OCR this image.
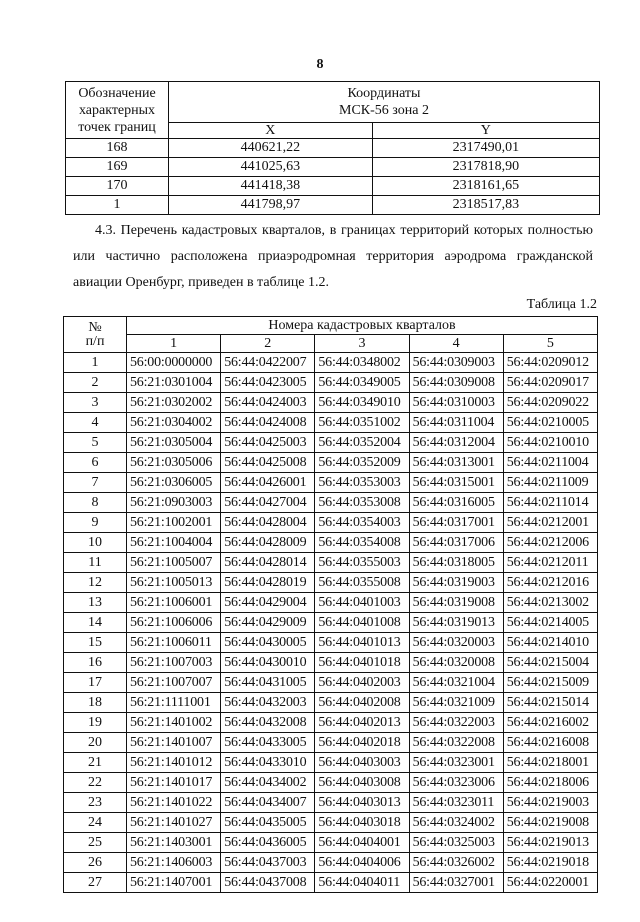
8
Обозначение
характерных
точек границ	Координаты
МСК-56 зона 2	
	X	Y
168	440621,22	2317490,01
169	441025,63	2317818,90
170	441418,38	2318161,65
1	441798,97	2318517,83
4.3. Перечень кадастровых кварталов, в границах территорий которых полностью или частично расположена приаэродромная территория аэродрома гражданской авиации Оренбург, приведен в таблице 1.2.
Таблица 1.2
№
п/п	Номера кадастровых кварталов				
	1	2	3	4	5
1	56:00:0000000	56:44:0422007	56:44:0348002	56:44:0309003	56:44:0209012
2	56:21:0301004	56:44:0423005	56:44:0349005	56:44:0309008	56:44:0209017
3	56:21:0302002	56:44:0424003	56:44:0349010	56:44:0310003	56:44:0209022
4	56:21:0304002	56:44:0424008	56:44:0351002	56:44:0311004	56:44:0210005
5	56:21:0305004	56:44:0425003	56:44:0352004	56:44:0312004	56:44:0210010
6	56:21:0305006	56:44:0425008	56:44:0352009	56:44:0313001	56:44:0211004
7	56:21:0306005	56:44:0426001	56:44:0353003	56:44:0315001	56:44:0211009
8	56:21:0903003	56:44:0427004	56:44:0353008	56:44:0316005	56:44:0211014
9	56:21:1002001	56:44:0428004	56:44:0354003	56:44:0317001	56:44:0212001
10	56:21:1004004	56:44:0428009	56:44:0354008	56:44:0317006	56:44:0212006
11	56:21:1005007	56:44:0428014	56:44:0355003	56:44:0318005	56:44:0212011
12	56:21:1005013	56:44:0428019	56:44:0355008	56:44:0319003	56:44:0212016
13	56:21:1006001	56:44:0429004	56:44:0401003	56:44:0319008	56:44:0213002
14	56:21:1006006	56:44:0429009	56:44:0401008	56:44:0319013	56:44:0214005
15	56:21:1006011	56:44:0430005	56:44:0401013	56:44:0320003	56:44:0214010
16	56:21:1007003	56:44:0430010	56:44:0401018	56:44:0320008	56:44:0215004
17	56:21:1007007	56:44:0431005	56:44:0402003	56:44:0321004	56:44:0215009
18	56:21:1111001	56:44:0432003	56:44:0402008	56:44:0321009	56:44:0215014
19	56:21:1401002	56:44:0432008	56:44:0402013	56:44:0322003	56:44:0216002
20	56:21:1401007	56:44:0433005	56:44:0402018	56:44:0322008	56:44:0216008
21	56:21:1401012	56:44:0433010	56:44:0403003	56:44:0323001	56:44:0218001
22	56:21:1401017	56:44:0434002	56:44:0403008	56:44:0323006	56:44:0218006
23	56:21:1401022	56:44:0434007	56:44:0403013	56:44:0323011	56:44:0219003
24	56:21:1401027	56:44:0435005	56:44:0403018	56:44:0324002	56:44:0219008
25	56:21:1403001	56:44:0436005	56:44:0404001	56:44:0325003	56:44:0219013
26	56:21:1406003	56:44:0437003	56:44:0404006	56:44:0326002	56:44:0219018
27	56:21:1407001	56:44:0437008	56:44:0404011	56:44:0327001	56:44:0220001
